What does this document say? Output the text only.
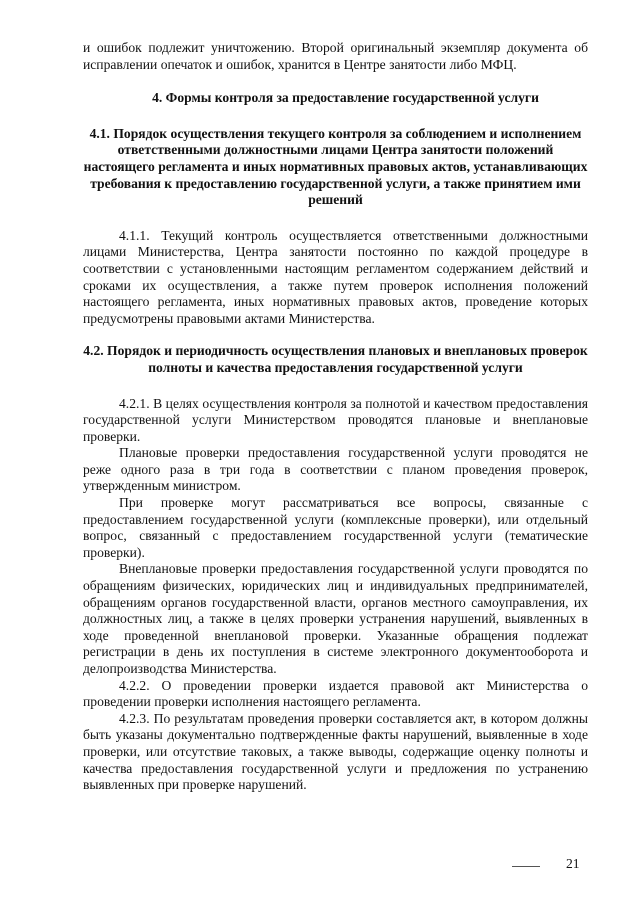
и ошибок подлежит уничтожению. Второй оригинальный экземпляр документа об исправлении опечаток и ошибок, хранится в Центре занятости либо МФЦ.

4. Формы контроля за предоставление государственной услуги
4.1. Порядок осуществления текущего контроля за соблюдением и исполнением ответственными должностными лицами Центра занятости положений настоящего регламента и иных нормативных правовых актов, устанавливающих требования к предоставлению государственной услуги, а также принятием ими решений

4.1.1. Текущий контроль осуществляется ответственными должностными лицами Министерства, Центра занятости постоянно по каждой процедуре в соответствии с установленными настоящим регламентом содержанием действий и сроками их осуществления, а также путем проверок исполнения положений настоящего регламента, иных нормативных правовых актов, проведение которых предусмотрены правовыми актами Министерства.

4.2. Порядок и периодичность осуществления плановых и внеплановых проверок полноты и качества предоставления государственной услуги

4.2.1. В целях осуществления контроля за полнотой и качеством предоставления государственной услуги Министерством проводятся плановые и внеплановые проверки.

Плановые проверки предоставления государственной услуги проводятся не реже одного раза в три года в соответствии с планом проведения проверок, утвержденным министром.

При проверке могут рассматриваться все вопросы, связанные с предоставлением государственной услуги (комплексные проверки), или отдельный вопрос, связанный с предоставлением государственной услуги (тематические проверки).

Внеплановые проверки предоставления государственной услуги проводятся по обращениям физических, юридических лиц и индивидуальных предпринимателей, обращениям органов государственной власти, органов местного самоуправления, их должностных лиц, а также в целях проверки устранения нарушений, выявленных в ходе проведенной внеплановой проверки. Указанные обращения подлежат регистрации в день их поступления в системе электронного документооборота и делопроизводства Министерства.

4.2.2. О проведении проверки издается правовой акт Министерства о проведении проверки исполнения настоящего регламента.

4.2.3. По результатам проведения проверки составляется акт, в котором должны быть указаны документально подтвержденные факты нарушений, выявленные в ходе проверки, или отсутствие таковых, а также выводы, содержащие оценку полноты и качества предоставления государственной услуги и предложения по устранению выявленных при проверке нарушений.

21
